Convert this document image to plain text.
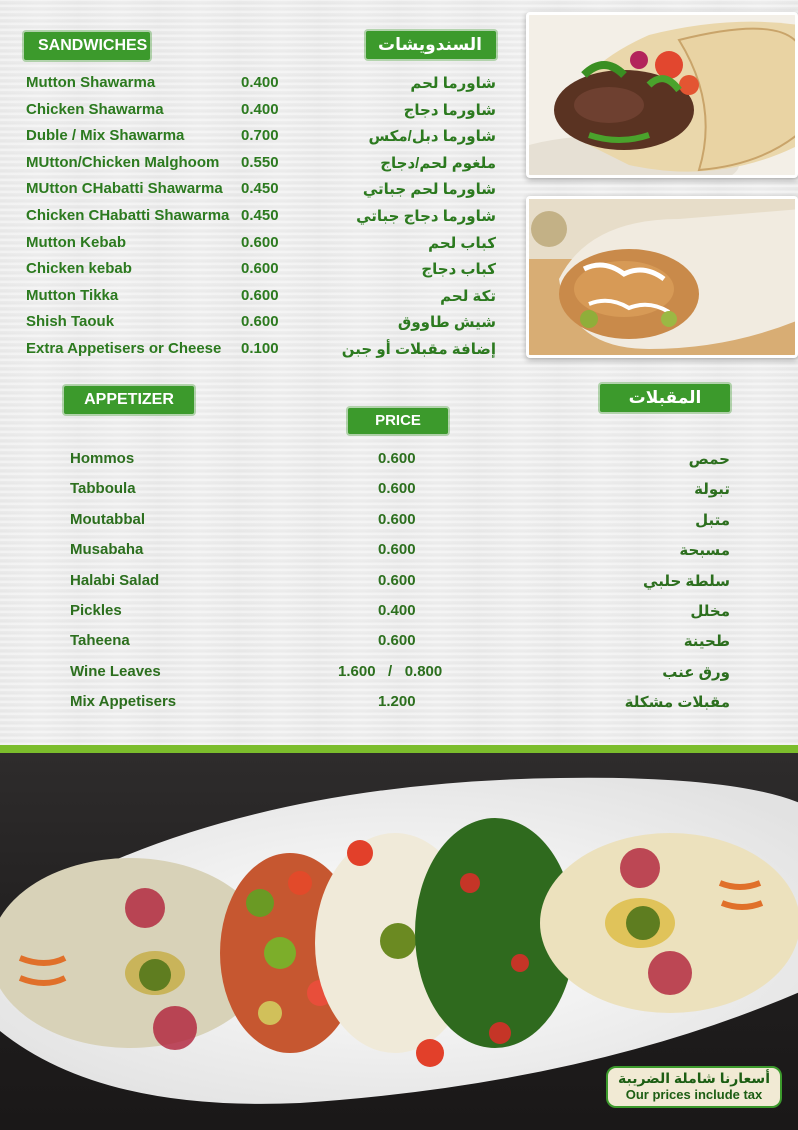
SANDWICHES	السندويشات
Mutton Shawarma	0.400	شاورما لحم
Chicken Shawarma	0.400	شاورما دجاج
Duble / Mix Shawarma	0.700	شاورما دبل/مكس
MUtton/Chicken Malghoom 0.550	ملغوم لحم/دجاج
MUtton CHabatti Shawarma 0.450	شاورما لحم جباتي
Chicken CHabatti Shawarma 0.450	شاورما دجاج جباتي
Mutton Kebab	0.600	كباب لحم
Chicken kebab	0.600	كباب دجاج
Mutton Tikka	0.600	تكة لحم
Shish Taouk	0.600	شيش طاووق
Extra Appetisers or Cheese 0.100	إضافة مقبلات أو جبن
APPETIZER	المقبلات
PRICE
Hommos	0.600	حمص
Tabboula	0.600	تبولة
Moutabbal	0.600	متبل
Musabaha	0.600	مسبحة
Halabi Salad	0.600	سلطة حلبي
Pickles	0.400	مخلل
Taheena	0.600	طحينة
Wine Leaves	1.600   /   0.800	ورق عنب
Mix Appetisers	1.200	مقبلات مشكلة
أسعارنا شاملة الضريبة
Our prices include tax
